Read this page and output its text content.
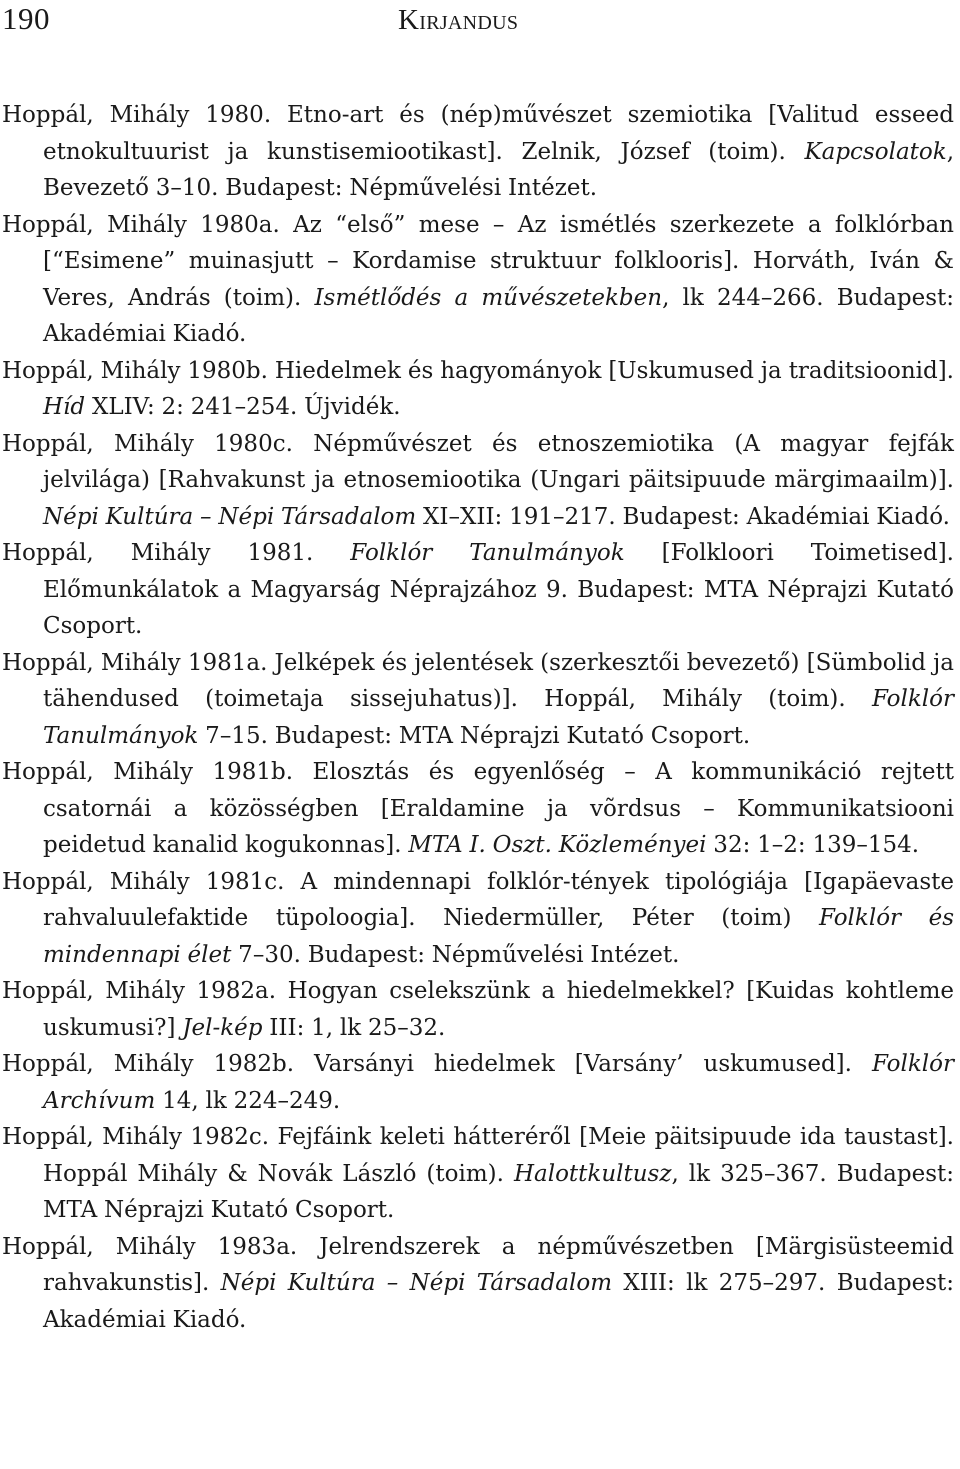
190	Kirjandus

Hoppál, Mihály 1980. Etno-art és (nép)művészet szemiotika [Valitud esseed etnokultuurist ja kunstisemiootikast]. Zelnik, József (toim). Kapcsolatok, Bevezető 3–10. Budapest: Népművelési Intézet.

Hoppál, Mihály 1980a. Az “első” mese – Az ismétlés szerkezete a folklórban [“Esimene” muinasjutt – Kordamise struktuur folklooris]. Horváth, Iván & Veres, András (toim). Ismétlődés a művészetekben, lk 244–266. Budapest: Akadémiai Kiadó.

Hoppál, Mihály 1980b. Hiedelmek és hagyományok [Uskumused ja traditsioonid]. Híd XLIV: 2: 241–254. Újvidék.

Hoppál, Mihály 1980c. Népművészet és etnoszemiotika (A magyar fejfák jelvilága) [Rahvakunst ja etnosemiootika (Ungari päitsipuude märgimaailm)]. Népi Kultúra – Népi Társadalom XI–XII: 191–217. Budapest: Akadémiai Kiadó.

Hoppál, Mihály 1981. Folklór Tanulmányok [Folkloori Toimetised]. Előmunkálatok a Magyarság Néprajzához 9. Budapest: MTA Néprajzi Kutató Csoport.

Hoppál, Mihály 1981a. Jelképek és jelentések (szerkesztői bevezető) [Sümbolid ja tähendused (toimetaja sissejuhatus)]. Hoppál, Mihály (toim). Folklór Tanulmányok 7–15. Budapest: MTA Néprajzi Kutató Csoport.

Hoppál, Mihály 1981b. Elosztás és egyenlőség – A kommunikáció rejtett csatornái a közösségben [Eraldamine ja võrdsus – Kommunikatsiooni peidetud kanalid kogukonnas]. MTA I. Oszt. Közleményei 32: 1–2: 139–154.

Hoppál, Mihály 1981c. A mindennapi folklór-tények tipológiája [Igapäevaste rahvaluulefaktide tüpoloogia]. Niedermüller, Péter (toim) Folklór és mindennapi élet 7–30. Budapest: Népművelési Intézet.

Hoppál, Mihály 1982a. Hogyan cselekszünk a hiedelmekkel? [Kuidas kohtleme uskumusi?] Jel-kép III: 1, lk 25–32.

Hoppál, Mihály 1982b. Varsányi hiedelmek [Varsány’ uskumused]. Folklór Archívum 14, lk 224–249.

Hoppál, Mihály 1982c. Fejfáink keleti hátteréről [Meie päitsipuude ida taustast]. Hoppál Mihály & Novák László (toim). Halottkultusz, lk 325–367. Budapest: MTA Néprajzi Kutató Csoport.

Hoppál, Mihály 1983a. Jelrendszerek a népművészetben [Märgisüsteemid rahvakunstis]. Népi Kultúra – Népi Társadalom XIII: lk 275–297. Budapest: Akadémiai Kiadó.
